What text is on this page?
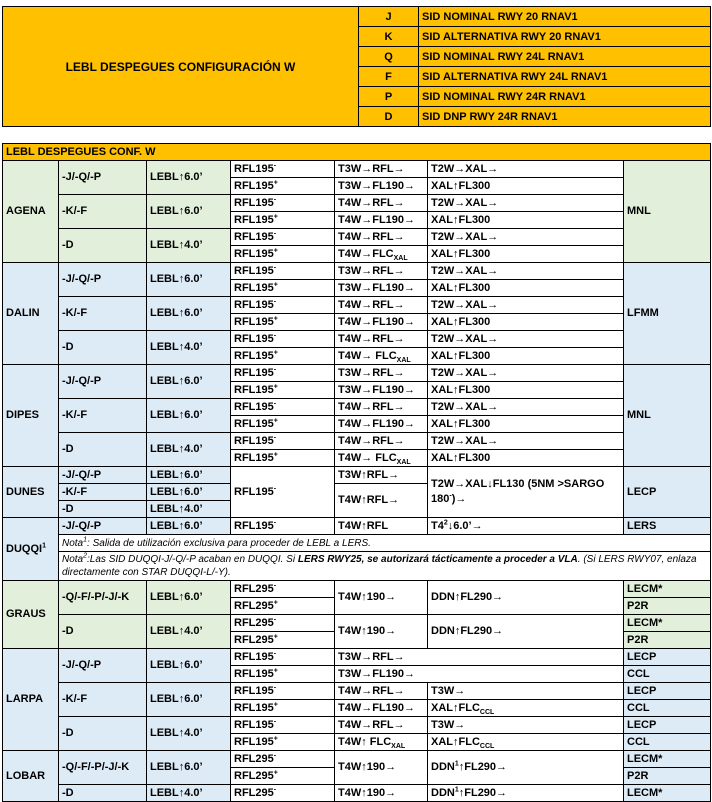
LEBL DESPEGUES CONFIGURACIÓN W	J	SID NOMINAL RWY 20 RNAV1
	K	SID ALTERNATIVA RWY 20 RNAV1
	Q	SID NOMINAL RWY 24L RNAV1
	F	SID ALTERNATIVA RWY 24L RNAV1
	P	SID NOMINAL RWY 24R RNAV1
	D	SID DNP RWY 24R RNAV1
LEBL DESPEGUES CONF. W						
AGENA	-J/-Q/-P	LEBL↑6.0’	RFL195-	T3W→RFL→	T2W→XAL→	MNL
			RFL195+	T3W→FL190→	XAL↑FL300	
	-K/-F	LEBL↑6.0’	RFL195-	T4W→RFL→	T2W→XAL→	
			RFL195+	T4W→FL190→	XAL↑FL300	
	-D	LEBL↑4.0’	RFL195-	T4W→RFL→	T2W→XAL→	
			RFL195+	$T4W\to FLC_{XAL}$	XAL↑FL300	
DALIN	-J/-Q/-P	LEBL↑6.0’	RFL195-	T3W→RFL→	T2W→XAL→	LFMM
			RFL195+	T3W→FL190→	XAL↑FL300	
	-K/-F	LEBL↑6.0’	RFL195-	T4W→RFL→	T2W→XAL→	
			RFL195+	T4W→FL190→	XAL↑FL300	
	-D	LEBL↑4.0’	RFL195-	T4W→RFL→	T2W→XAL→	
			RFL195+	$T4W\to FLC_{XAL}$	XAL↑FL300	
DIPES	-J/-Q/-P	LEBL↑6.0’	RFL195-	T3W→RFL→	T2W→XAL→	MNL
			RFL195+	T3W→FL190→	XAL↑FL300	
	-K/-F	LEBL↑6.0’	RFL195-	T4W→RFL→	T2W→XAL→	
			RFL195+	T4W→FL190→	XAL↑FL300	
	-D	LEBL↑4.0’	RFL195-	T4W→RFL→	T2W→XAL→	
			RFL195+	$T4W\to FLC_{XAL}$	XAL↑FL300	
DUNES	-J/-Q/-P	LEBL↑6.0’	RFL195-	T3W↑RFL→	T2W→XAL↓FL130 (5NM >SARGO 180-)→	LECP
	-K/-F	LEBL↑6.0’				
				T4W↑RFL→		
	-D	LEBL↑4.0’				
DUQQI$^1$	-J/-Q/-P	LEBL↑6.0’	RFL195-	T4W↑RFL	$T4^2↓6.0’\to$	LERS
	Nota$^1$: Salida de utilización exclusiva para proceder de LEBL a LERS.					
	Nota$^2$:Las SID DUQQI-J/-Q/-P acaban en DUQQI. Si LERS RWY25, se autorizará tácticamente a proceder a VLA. (Si LERS RWY07, enlaza directamente con STAR DUQQI-L/-Y).					
GRAUS	-Q/-F/-P/-J/-K	LEBL↑6.0’	RFL295-	T4W↑190→	DDN↑FL290→	LECM*
			RFL295+			P2R
	-D	LEBL↑4.0’	RFL295-	T4W↑190→	DDN↑FL290→	LECM*
			RFL295+			P2R
LARPA	-J/-Q/-P	LEBL↑6.0’	RFL195-	T3W→RFL→		LECP
			RFL195+	T3W→FL190→		CCL
	-K/-F	LEBL↑6.0’	RFL195-	T4W→RFL→	T3W→	LECP
			RFL195+	T4W→FL190→	$XAL↑FLC_{CCL}$	CCL
	-D	LEBL↑4.0’	RFL195-	T4W→RFL→	T3W→	LECP
			RFL195+	T4W↑ $FLC_{XAL}$	$XAL↑FLC_{CCL}$	CCL
LOBAR	-Q/-F/-P/-J/-K	LEBL↑6.0’	RFL295-	T4W↑190→	$DDN^1↑FL290\to$	LECM*
			RFL295+			P2R
	-D	LEBL↑4.0’	RFL295-	T4W↑190→	$DDN^1↑FL290\to$	LECM*
